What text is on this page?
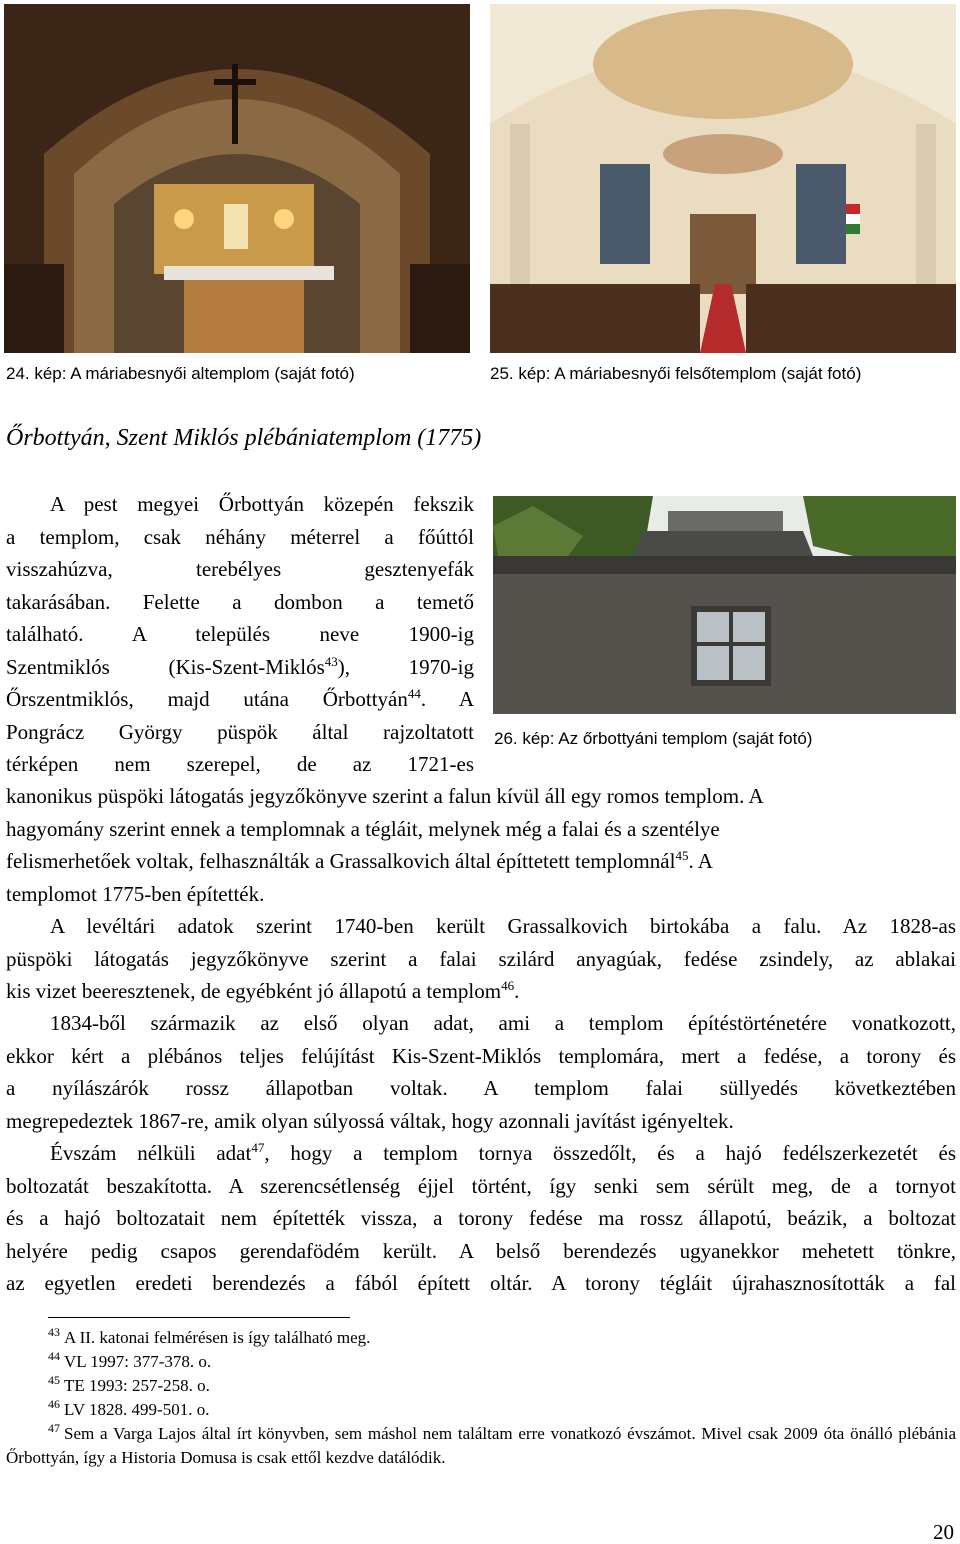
24. kép: A máriabesnyői altemplom (saját fotó)	25. kép: A máriabesnyői felsőtemplom (saját fotó)
Őrbottyán, Szent Miklós plébániatemplom (1775)
A pest megyei Őrbottyán közepén fekszik
a templom, csak néhány méterrel a főúttól
visszahúzva, terebélyes gesztenyefák
takarásában. Felette a dombon a temető
található. A település neve 1900-ig
Szentmiklós (Kis-Szent-Miklós$^{43}$), 1970-ig
Őrszentmiklós, majd utána Őrbottyán$^{44}$. A
Pongrácz György püspök által rajzoltatott
térképen nem szerepel, de az 1721-es
26. kép: Az őrbottyáni templom (saját fotó)
kanonikus püspöki látogatás jegyzőkönyve szerint a falun kívül áll egy romos templom. A
hagyomány szerint ennek a templomnak a tégláit, melynek még a falai és a szentélye
felismerhetőek voltak, felhasználták a Grassalkovich által építtetett templomnál$^{45}$. A
templomot 1775-ben építették.
A levéltári adatok szerint 1740-ben került Grassalkovich birtokába a falu. Az 1828-as
püspöki látogatás jegyzőkönyve szerint a falai szilárd anyagúak, fedése zsindely, az ablakai
kis vizet beeresztenek, de egyébként jó állapotú a templom$^{46}$.
1834-ből származik az első olyan adat, ami a templom építéstörténetére vonatkozott,
ekkor kért a plébános teljes felújítást Kis-Szent-Miklós templomára, mert a fedése, a torony és
a nyílászárók rossz állapotban voltak. A templom falai süllyedés következtében
megrepedeztek 1867-re, amik olyan súlyossá váltak, hogy azonnali javítást igényeltek.
Évszám nélküli adat$^{47}$, hogy a templom tornya összedőlt, és a hajó fedélszerkezetét és
boltozatát beszakította. A szerencsétlenség éjjel történt, így senki sem sérült meg, de a tornyot
és a hajó boltozatait nem építették vissza, a torony fedése ma rossz állapotú, beázik, a boltozat
helyére pedig csapos gerendafödém került. A belső berendezés ugyanekkor mehetett tönkre,
az egyetlen eredeti berendezés a fából épített oltár. A torony tégláit újrahasznosították a fal

$^{43}$ A II. katonai felmérésen is így található meg.

$^{44}$ VL 1997: 377-378. o.

$^{45}$ TE 1993: 257-258. o.

$^{46}$ LV 1828. 499-501. o.

$^{47}$ Sem a Varga Lajos által írt könyvben, sem máshol nem találtam erre vonatkozó évszámot. Mivel csak 2009 óta önálló plébánia Őrbottyán, így a Historia Domusa is csak ettől kezdve datálódik.

20
